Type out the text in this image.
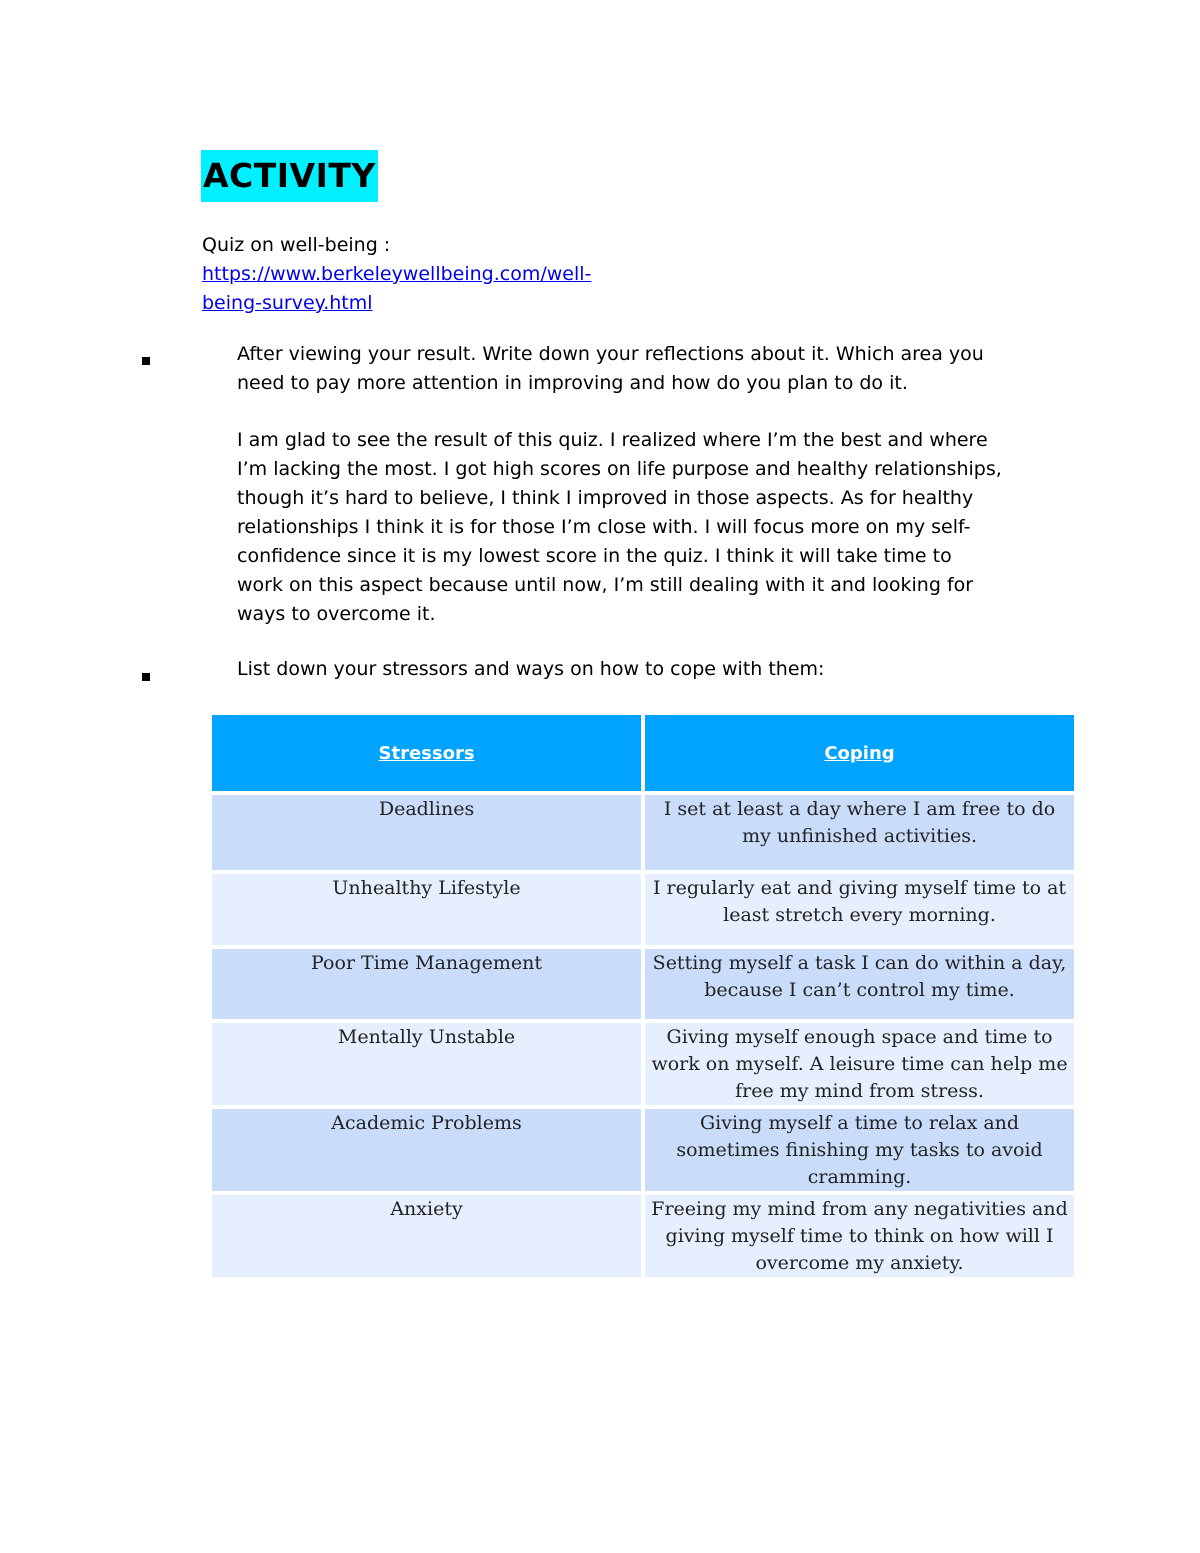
ACTIVITY
Quiz on well-being :
https://www.berkeleywellbeing.com/well-being-survey.html

After viewing your result. Write down your reflections about it. Which area you need to pay more attention in improving and how do you plan to do it.

I am glad to see the result of this quiz. I realized where I’m the best and where I’m lacking the most. I got high scores on life purpose and healthy relationships, though it’s hard to believe, I think I improved in those aspects. As for healthy relationships I think it is for those I’m close with. I will focus more on my self-confidence since it is my lowest score in the quiz. I think it will take time to work on this aspect because until now, I’m still dealing with it and looking for ways to overcome it.

List down your stressors and ways on how to cope with them:

Stressors	Coping
Deadlines	I set at least a day where I am free to do my unfinished activities.
Unhealthy Lifestyle	I regularly eat and giving myself time to at least stretch every morning.
Poor Time Management	Setting myself a task I can do within a day, because I can’t control my time.
Mentally Unstable	Giving myself enough space and time to work on myself. A leisure time can help me free my mind from stress.
Academic Problems	Giving myself a time to relax and sometimes finishing my tasks to avoid cramming.
Anxiety	Freeing my mind from any negativities and giving myself time to think on how will I overcome my anxiety.
